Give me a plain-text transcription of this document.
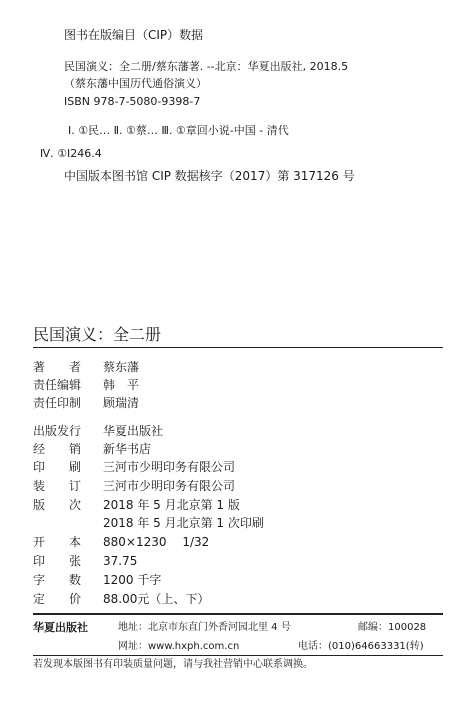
图书在版编目（CIP）数据
民国演义：全二册/蔡东藩著. --北京：华夏出版社, 2018.5
（蔡东藩中国历代通俗演义）
ISBN 978-7-5080-9398-7
Ⅰ. ①民… Ⅱ. ①蔡… Ⅲ. ①章回小说-中国 - 清代
Ⅳ. ①I246.4
中国版本图书馆 CIP 数据核字（2017）第 317126 号
民国演义：全二册
著　　者 蔡东藩
责任编辑 韩　平
责任印制 顾瑞清
出版发行 华夏出版社
经　　销 新华书店
印　　刷 三河市少明印务有限公司
装　　订 三河市少明印务有限公司
版　　次 2018 年 5 月北京第 1 版
2018 年 5 月北京第 1 次印刷
开　　本 880×1230　 1/32
印　　张 37.75
字　　数 1200 千字
定　　价 88.00元（上、下）
华夏出版社	地址：北京市东直门外香河园北里 4 号	邮编：100028
网址：www.hxph.com.cn	电话：(010)64663331(转)
若发现本版图书有印装质量问题，请与我社营销中心联系调换。
